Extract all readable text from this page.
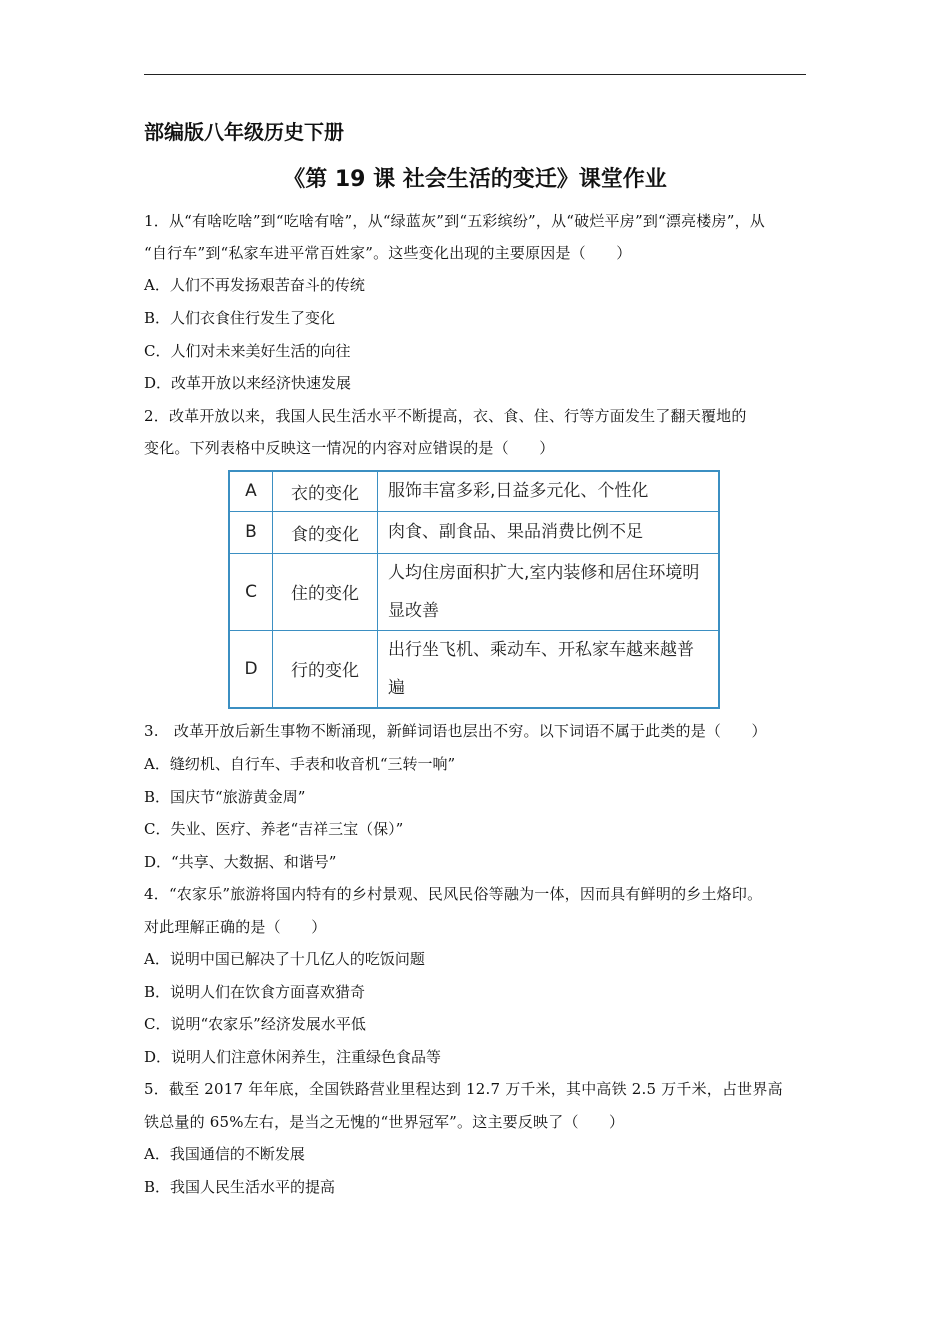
部编版八年级历史下册
《第 19 课 社会生活的变迁》课堂作业
1．从“有啥吃啥”到“吃啥有啥”，从“绿蓝灰”到“五彩缤纷”，从“破烂平房”到“漂亮楼房”，从
“自行车”到“私家车进平常百姓家”。这些变化出现的主要原因是（　　）
A．人们不再发扬艰苦奋斗的传统
B．人们衣食住行发生了变化
C．人们对未来美好生活的向往
D．改革开放以来经济快速发展
2．改革开放以来，我国人民生活水平不断提高，衣、食、住、行等方面发生了翻天覆地的
变化。下列表格中反映这一情况的内容对应错误的是（　　）
A	衣的变化	服饰丰富多彩,日益多元化、个性化
B	食的变化	肉食、副食品、果品消费比例不足
C	住的变化	人均住房面积扩大,室内装修和居住环境明显改善
D	行的变化	出行坐飞机、乘动车、开私家车越来越普遍
3.　改革开放后新生事物不断涌现，新鲜词语也层出不穷。以下词语不属于此类的是（　　）
A．缝纫机、自行车、手表和收音机“三转一响”
B．国庆节“旅游黄金周”
C．失业、医疗、养老“吉祥三宝（保）”
D．“共享、大数据、和谐号”
4．“农家乐”旅游将国内特有的乡村景观、民风民俗等融为一体，因而具有鲜明的乡土烙印。
对此理解正确的是（　　）
A．说明中国已解决了十几亿人的吃饭问题
B．说明人们在饮食方面喜欢猎奇
C．说明“农家乐”经济发展水平低
D．说明人们注意休闲养生，注重绿色食品等
5．截至 2017 年年底，全国铁路营业里程达到 12.7 万千米，其中高铁 2.5 万千米，占世界高
铁总量的 65%左右，是当之无愧的“世界冠军”。这主要反映了（　　）
A．我国通信的不断发展
B．我国人民生活水平的提高
